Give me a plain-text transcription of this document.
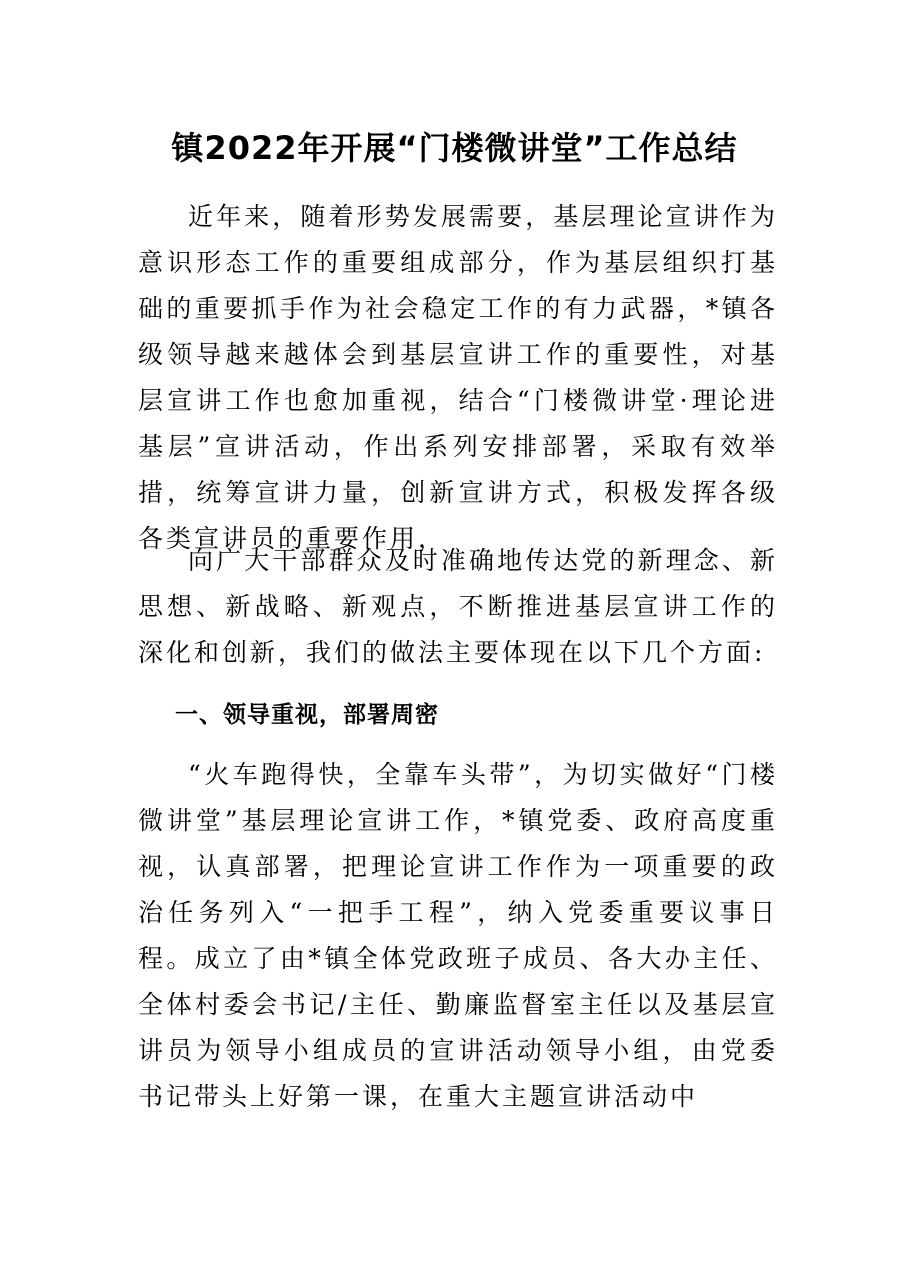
镇2022年开展“门楼微讲堂”工作总结

近年来，随着形势发展需要，基层理论宣讲作为意识形态工作的重要组成部分，作为基层组织打基础的重要抓手作为社会稳定工作的有力武器，*镇各级领导越来越体会到基层宣讲工作的重要性，对基层宣讲工作也愈加重视，结合“门楼微讲堂·理论进基层”宣讲活动，作出系列安排部署，采取有效举措，统筹宣讲力量，创新宣讲方式，积极发挥各级各类宣讲员的重要作用，

向广大干部群众及时准确地传达党的新理念、新思想、新战略、新观点，不断推进基层宣讲工作的深化和创新，我们的做法主要体现在以下几个方面:

一、领导重视，部署周密

“火车跑得快，全靠车头带”，为切实做好“门楼微讲堂”基层理论宣讲工作，*镇党委、政府高度重视，认真部署，把理论宣讲工作作为一项重要的政治任务列入“一把手工程”，纳入党委重要议事日程。成立了由*镇全体党政班子成员、各大办主任、全体村委会书记/主任、勤廉监督室主任以及基层宣讲员为领导小组成员的宣讲活动领导小组，由党委书记带头上好第一课，在重大主题宣讲活动中
